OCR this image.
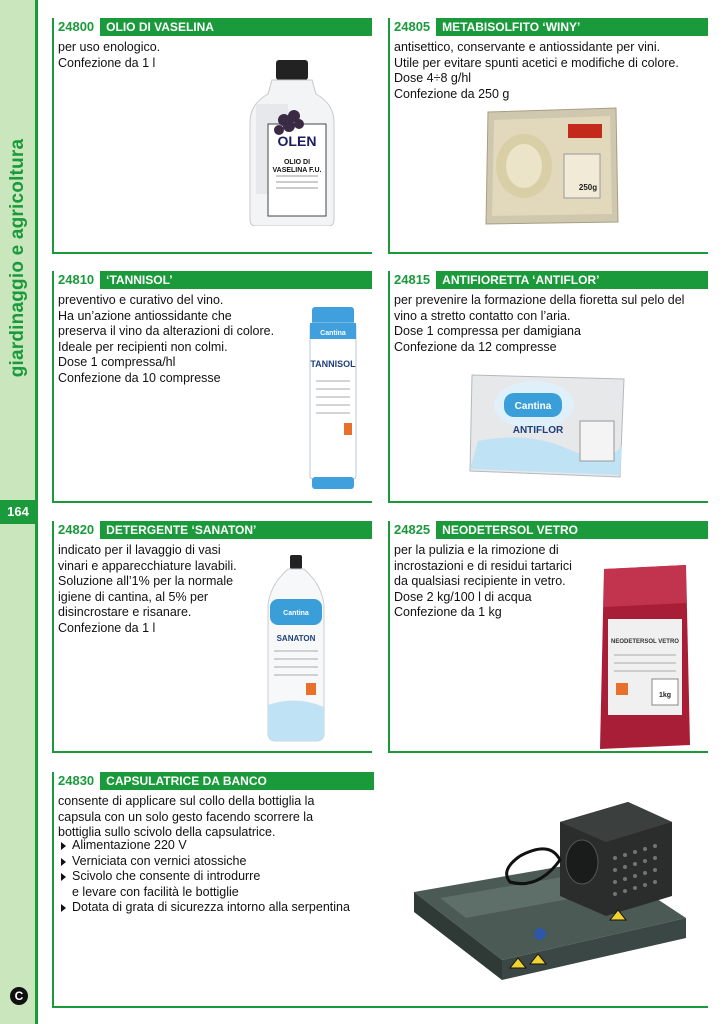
giardinaggio e agricoltura
164
C
24800 OLIO DI VASELINA
per uso enologico.
Confezione da 1 l
OLEN
OLIO DI VASELINA F.U.
24805 METABISOLFITO ‘WINY’
antisettico, conservante e antiossidante per vini.
Utile per evitare spunti acetici e modifiche di colore.
Dose 4÷8 g/hl
Confezione da 250 g
250g
24810 ‘TANNISOL’
preventivo e curativo del vino.
Ha un’azione antiossidante che
preserva il vino da alterazioni di colore.
Ideale per recipienti non colmi.
Dose 1 compressa/hl
Confezione da 10 compresse
Cantina
TANNISOL
24815 ANTIFIORETTA ‘ANTIFLOR’
per prevenire la formazione della fioretta sul pelo del
vino a stretto contatto con l’aria.
Dose 1 compressa per damigiana
Confezione da 12 compresse
Cantina
ANTIFLOR
24820 DETERGENTE ‘SANATON’
indicato per il lavaggio di vasi
vinari e apparecchiature lavabili.
Soluzione all’1% per la normale
igiene di cantina, al 5% per
disincrostare e risanare.
Confezione da 1 l
Cantina
SANATON
24825 NEODETERSOL VETRO
per la pulizia e la rimozione di
incrostazioni e di residui tartarici
da qualsiasi recipiente in vetro.
Dose 2 kg/100 l di acqua
Confezione da 1 kg
NEODETERSOL VETRO
1kg
24830 CAPSULATRICE DA BANCO
consente di applicare sul collo della bottiglia la
capsula con un solo gesto facendo scorrere la
bottiglia sullo scivolo della capsulatrice.
Alimentazione 220 V
Verniciata con vernici atossiche
Scivolo che consente di introdurre
e levare con facilità le bottiglie
Dotata di grata di sicurezza intorno alla serpentina
